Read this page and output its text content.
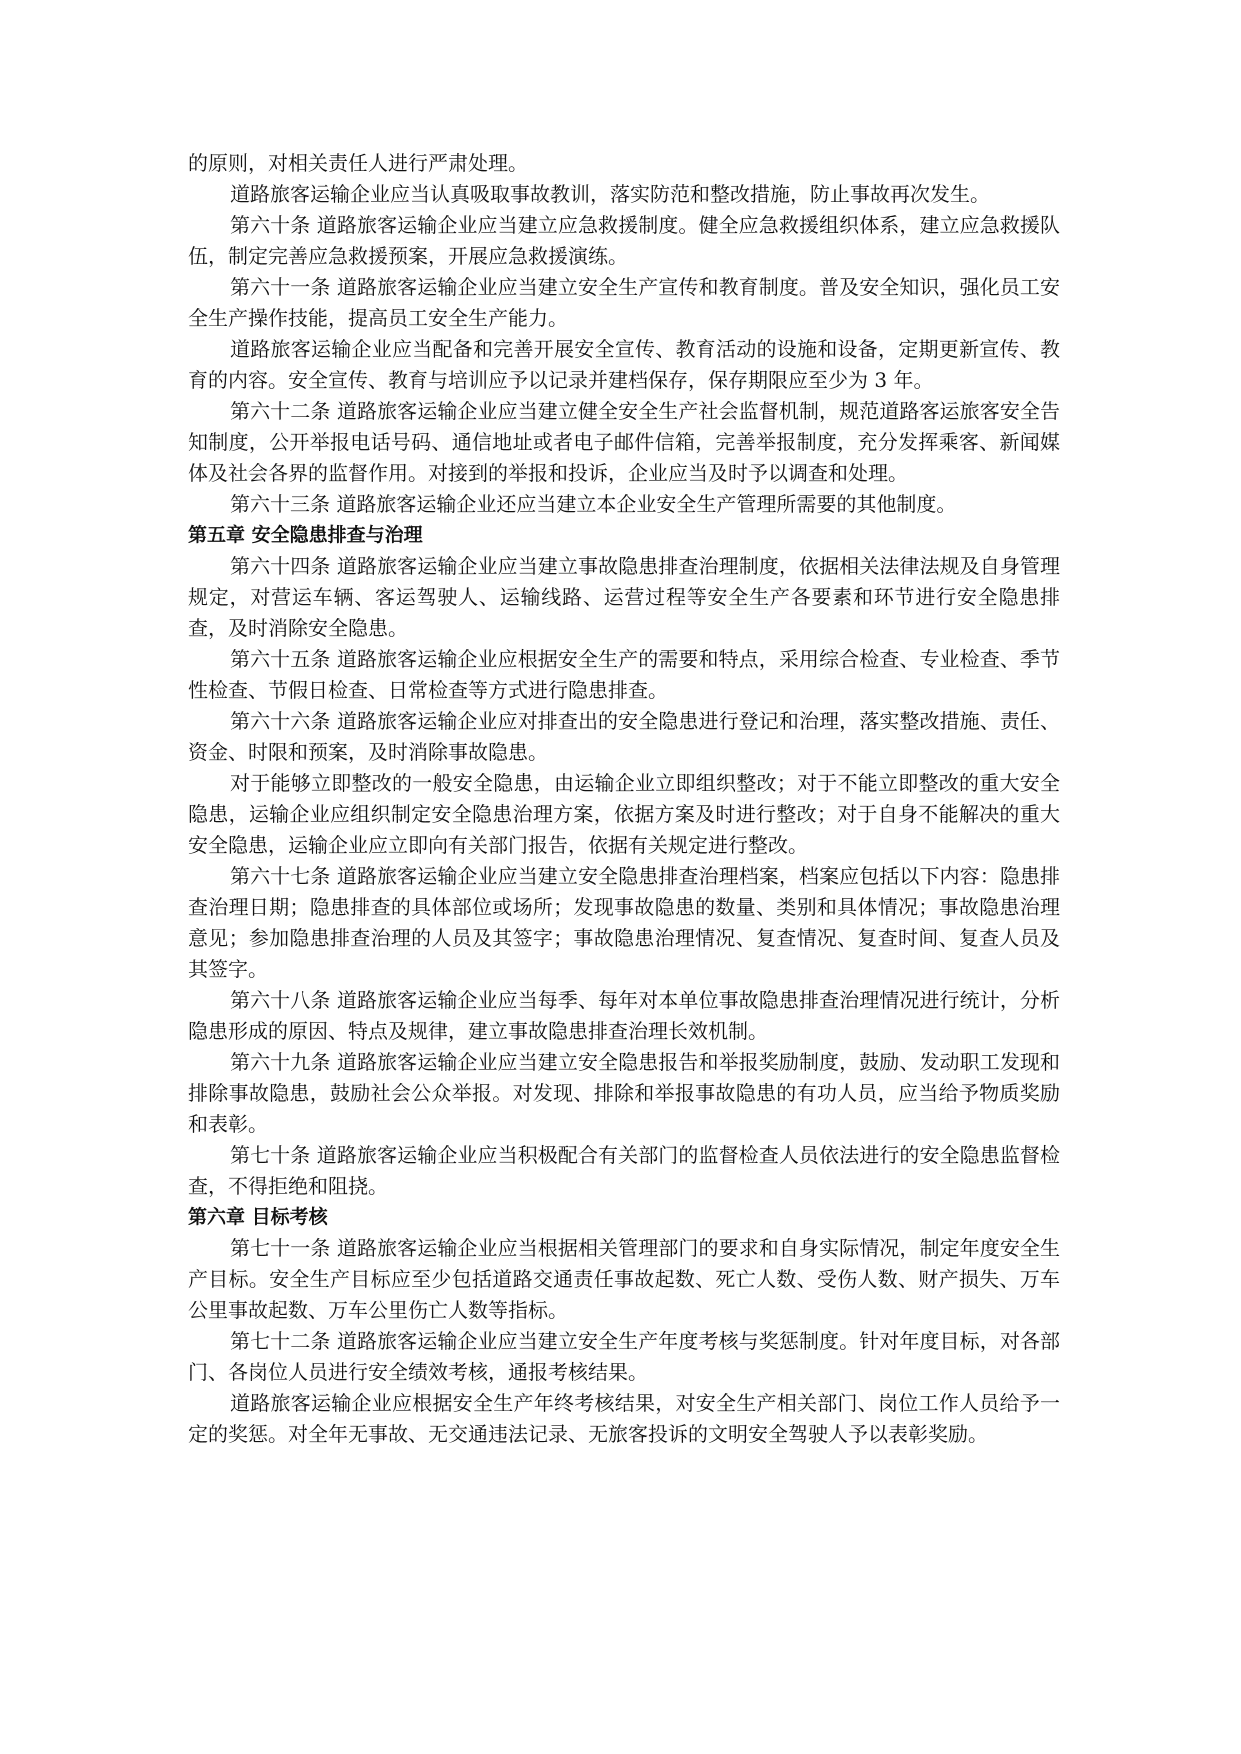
的原则，对相关责任人进行严肃处理。

道路旅客运输企业应当认真吸取事故教训，落实防范和整改措施，防止事故再次发生。

第六十条 道路旅客运输企业应当建立应急救援制度。健全应急救援组织体系，建立应急救援队伍，制定完善应急救援预案，开展应急救援演练。

第六十一条 道路旅客运输企业应当建立安全生产宣传和教育制度。普及安全知识，强化员工安全生产操作技能，提高员工安全生产能力。

道路旅客运输企业应当配备和完善开展安全宣传、教育活动的设施和设备，定期更新宣传、教育的内容。安全宣传、教育与培训应予以记录并建档保存，保存期限应至少为 3 年。

第六十二条 道路旅客运输企业应当建立健全安全生产社会监督机制，规范道路客运旅客安全告知制度，公开举报电话号码、通信地址或者电子邮件信箱，完善举报制度，充分发挥乘客、新闻媒体及社会各界的监督作用。对接到的举报和投诉，企业应当及时予以调查和处理。

第六十三条 道路旅客运输企业还应当建立本企业安全生产管理所需要的其他制度。

第五章 安全隐患排查与治理

第六十四条 道路旅客运输企业应当建立事故隐患排查治理制度，依据相关法律法规及自身管理规定，对营运车辆、客运驾驶人、运输线路、运营过程等安全生产各要素和环节进行安全隐患排查，及时消除安全隐患。

第六十五条 道路旅客运输企业应根据安全生产的需要和特点，采用综合检查、专业检查、季节性检查、节假日检查、日常检查等方式进行隐患排查。

第六十六条 道路旅客运输企业应对排查出的安全隐患进行登记和治理，落实整改措施、责任、资金、时限和预案，及时消除事故隐患。

对于能够立即整改的一般安全隐患，由运输企业立即组织整改；对于不能立即整改的重大安全隐患，运输企业应组织制定安全隐患治理方案，依据方案及时进行整改；对于自身不能解决的重大安全隐患，运输企业应立即向有关部门报告，依据有关规定进行整改。

第六十七条 道路旅客运输企业应当建立安全隐患排查治理档案，档案应包括以下内容：隐患排查治理日期；隐患排查的具体部位或场所；发现事故隐患的数量、类别和具体情况；事故隐患治理意见；参加隐患排查治理的人员及其签字；事故隐患治理情况、复查情况、复查时间、复查人员及其签字。

第六十八条 道路旅客运输企业应当每季、每年对本单位事故隐患排查治理情况进行统计，分析隐患形成的原因、特点及规律，建立事故隐患排查治理长效机制。

第六十九条 道路旅客运输企业应当建立安全隐患报告和举报奖励制度，鼓励、发动职工发现和排除事故隐患，鼓励社会公众举报。对发现、排除和举报事故隐患的有功人员，应当给予物质奖励和表彰。

第七十条 道路旅客运输企业应当积极配合有关部门的监督检查人员依法进行的安全隐患监督检查，不得拒绝和阻挠。

第六章 目标考核

第七十一条 道路旅客运输企业应当根据相关管理部门的要求和自身实际情况，制定年度安全生产目标。安全生产目标应至少包括道路交通责任事故起数、死亡人数、受伤人数、财产损失、万车公里事故起数、万车公里伤亡人数等指标。

第七十二条 道路旅客运输企业应当建立安全生产年度考核与奖惩制度。针对年度目标，对各部门、各岗位人员进行安全绩效考核，通报考核结果。

道路旅客运输企业应根据安全生产年终考核结果，对安全生产相关部门、岗位工作人员给予一定的奖惩。对全年无事故、无交通违法记录、无旅客投诉的文明安全驾驶人予以表彰奖励。
